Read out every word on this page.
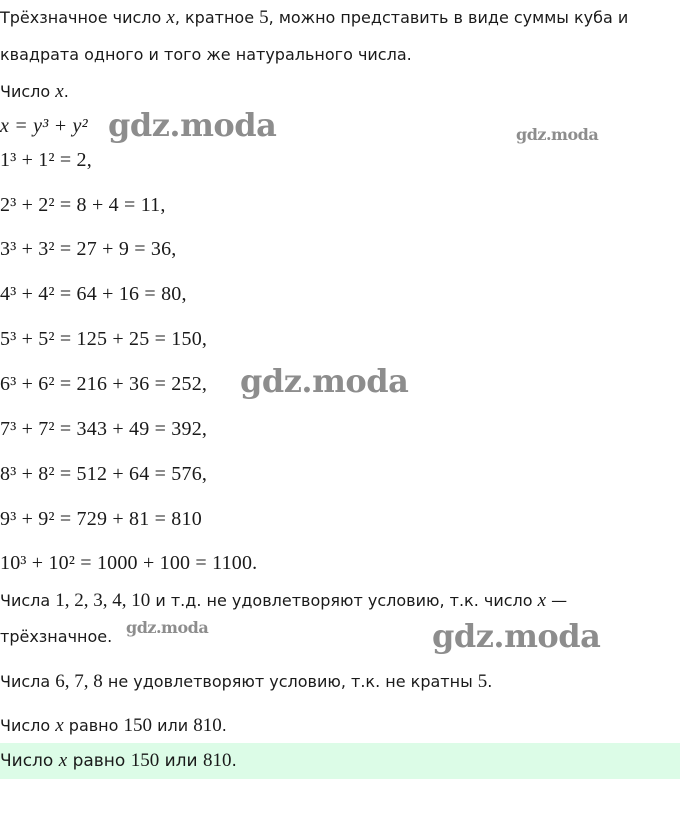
Трёхзначное число x, кратное 5, можно представить в виде суммы куба и
квадрата одного и того же натурального числа.
Число x.
x = y³ + y²
1³ + 1² = 2,
2³ + 2² = 8 + 4 = 11,
3³ + 3² = 27 + 9 = 36,
4³ + 4² = 64 + 16 = 80,
5³ + 5² = 125 + 25 = 150,
6³ + 6² = 216 + 36 = 252,
7³ + 7² = 343 + 49 = 392,
8³ + 8² = 512 + 64 = 576,
9³ + 9² = 729 + 81 = 810
10³ + 10² = 1000 + 100 = 1100.
Числа 1, 2, 3, 4, 10 и т.д. не удовлетворяют условию, т.к. число x —
трёхзначное.
Числа 6, 7, 8 не удовлетворяют условию, т.к. не кратны 5.
Число x равно 150 или 810.
Число x равно 150 или 810.
gdz.moda	gdz.moda
gdz.moda
gdz.moda	gdz.moda
